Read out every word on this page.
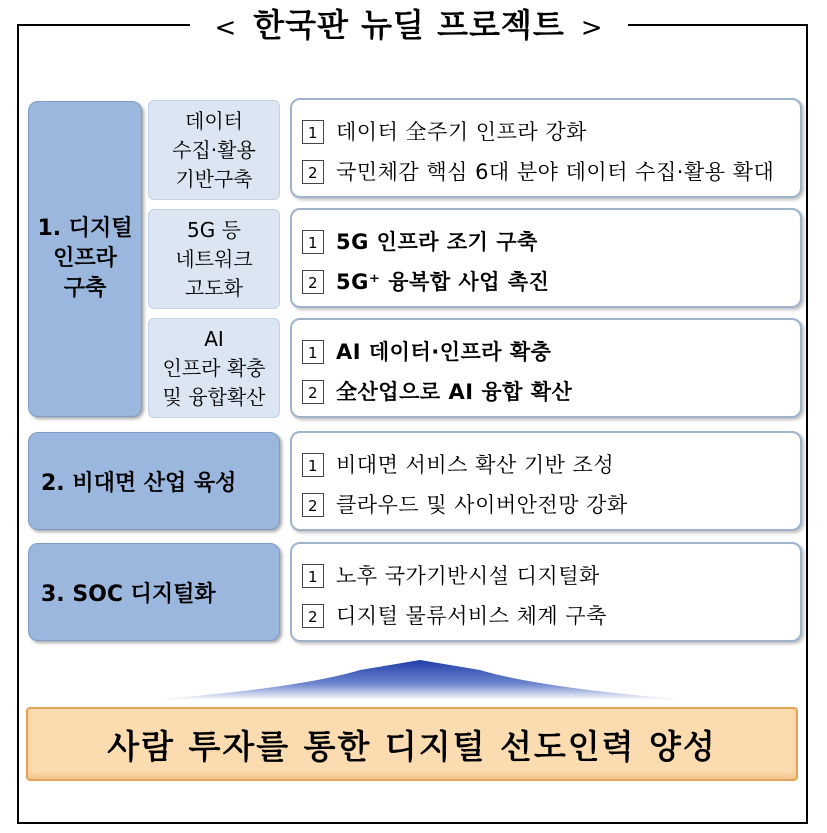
< 한국판 뉴딜 프로젝트 >
1. 디지털
인프라
구축
2. 비대면 산업 육성
3. SOC 디지털화
데이터
수집·활용
기반구축
5G 등
네트워크
고도화
AI
인프라 확충
및 융합확산
1 데이터 全주기 인프라 강화
2 국민체감 핵심 6대 분야 데이터 수집·활용 확대
1 5G 인프라 조기 구축
2 5G⁺ 융복합 사업 촉진
1 AI 데이터·인프라 확충
2 全산업으로 AI 융합 확산
1 비대면 서비스 확산 기반 조성
2 클라우드 및 사이버안전망 강화
1 노후 국가기반시설 디지털화
2 디지털 물류서비스 체계 구축
사람 투자를 통한 디지털 선도인력 양성
